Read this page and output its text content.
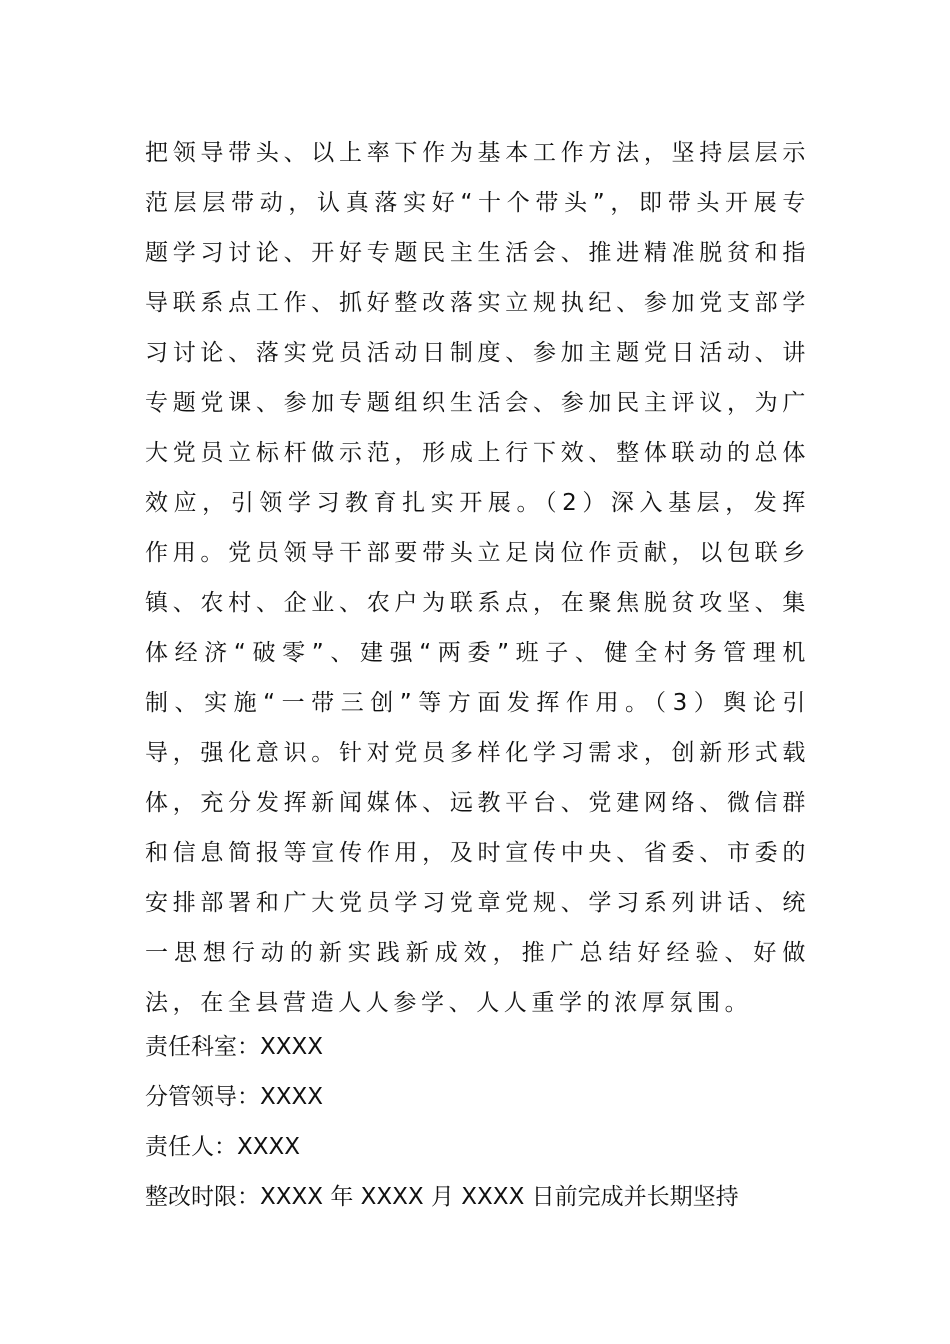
把领导带头、以上率下作为基本工作方法，坚持层层示范层层带动，认真落实好“十个带头”，即带头开展专题学习讨论、开好专题民主生活会、推进精准脱贫和指导联系点工作、抓好整改落实立规执纪、参加党支部学习讨论、落实党员活动日制度、参加主题党日活动、讲专题党课、参加专题组织生活会、参加民主评议，为广大党员立标杆做示范，形成上行下效、整体联动的总体效应，引领学习教育扎实开展。（2）深入基层，发挥作用。党员领导干部要带头立足岗位作贡献，以包联乡镇、农村、企业、农户为联系点，在聚焦脱贫攻坚、集体经济“破零”、建强“两委”班子、健全村务管理机制、实施“一带三创”等方面发挥作用。（3）舆论引导，强化意识。针对党员多样化学习需求，创新形式载体，充分发挥新闻媒体、远教平台、党建网络、微信群和信息简报等宣传作用，及时宣传中央、省委、市委的安排部署和广大党员学习党章党规、学习系列讲话、统一思想行动的新实践新成效，推广总结好经验、好做法，在全县营造人人参学、人人重学的浓厚氛围。

责任科室：XXXX
分管领导：XXXX
责任人：XXXX
整改时限：XXXX 年 XXXX 月 XXXX 日前完成并长期坚持
